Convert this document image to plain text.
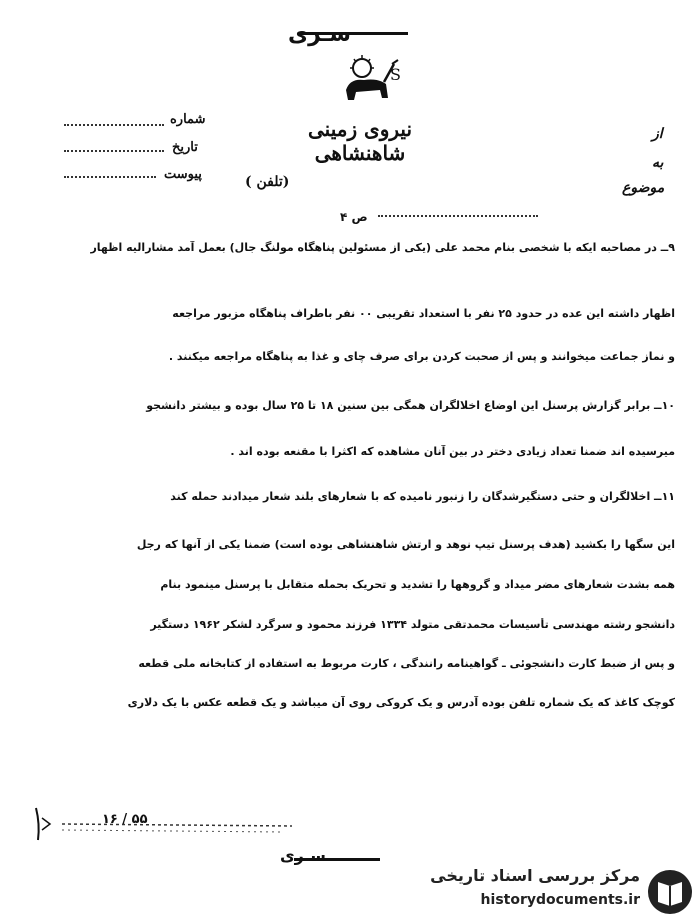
سـری
S
نیروی زمینی شاهنشاهی
شماره
تاریخ
پیوست
از
به
موضوع
(تلفن )
ص ۴
۹ــ در مصاحبه ایکه با شخصی بنام محمد علی (یکی از مسئولین پناهگاه مولنگ جال) بعمل آمد مشاراليه اظهار
اظهار داشته این عده در حدود ۲۵ نفر با استعداد تقریبی ۰۰ نفر باطراف پناهگاه مزبور مراجعه
و نماز جماعت میخوانند و پس از صحبت کردن برای صرف چای و غذا به پناهگاه مراجعه میکنند .
۱۰ــ برابر گزارش پرسنل این اوضاع اخلالگران همگی بین سنین ۱۸ تا ۲۵ سال بوده و بیشتر دانشجو
میرسیده اند ضمنا تعداد زیادی دختر در بین آنان مشاهده که اکثرا با مقنعه بوده اند .
۱۱ــ اخلالگران و حتی دستگیرشدگان را زنبور نامیده که با شعارهای بلند شعار میدادند حمله کند
این سگها را بکشید (هدف پرسنل تیپ نوهد و ارتش شاهنشاهی بوده است) ضمنا یکی از آنها که رجل
همه بشدت شعارهای مضر میداد و گروهها را تشدید و تحریک بحمله متقابل با پرسنل مینمود بنام
دانشجو رشته مهندسی تأسیسات محمدتقی متولد ۱۳۳۴ فرزند محمود و سرگرد لشکر ۱۹۶۲ دستگیر
و پس از ضبط کارت دانشجوئی ـ گواهینامه رانندگی ، کارت مربوط به استفاده از کتابخانه ملی قطعه
کوچک کاغذ که یک شماره تلفن بوده آدرس و یک کروکی روی آن میباشد و یک قطعه عکس با یک دلاری
۱۶ / ۵۵
سـری
مرکز بررسی اسناد تاریخی
historydocuments.ir
